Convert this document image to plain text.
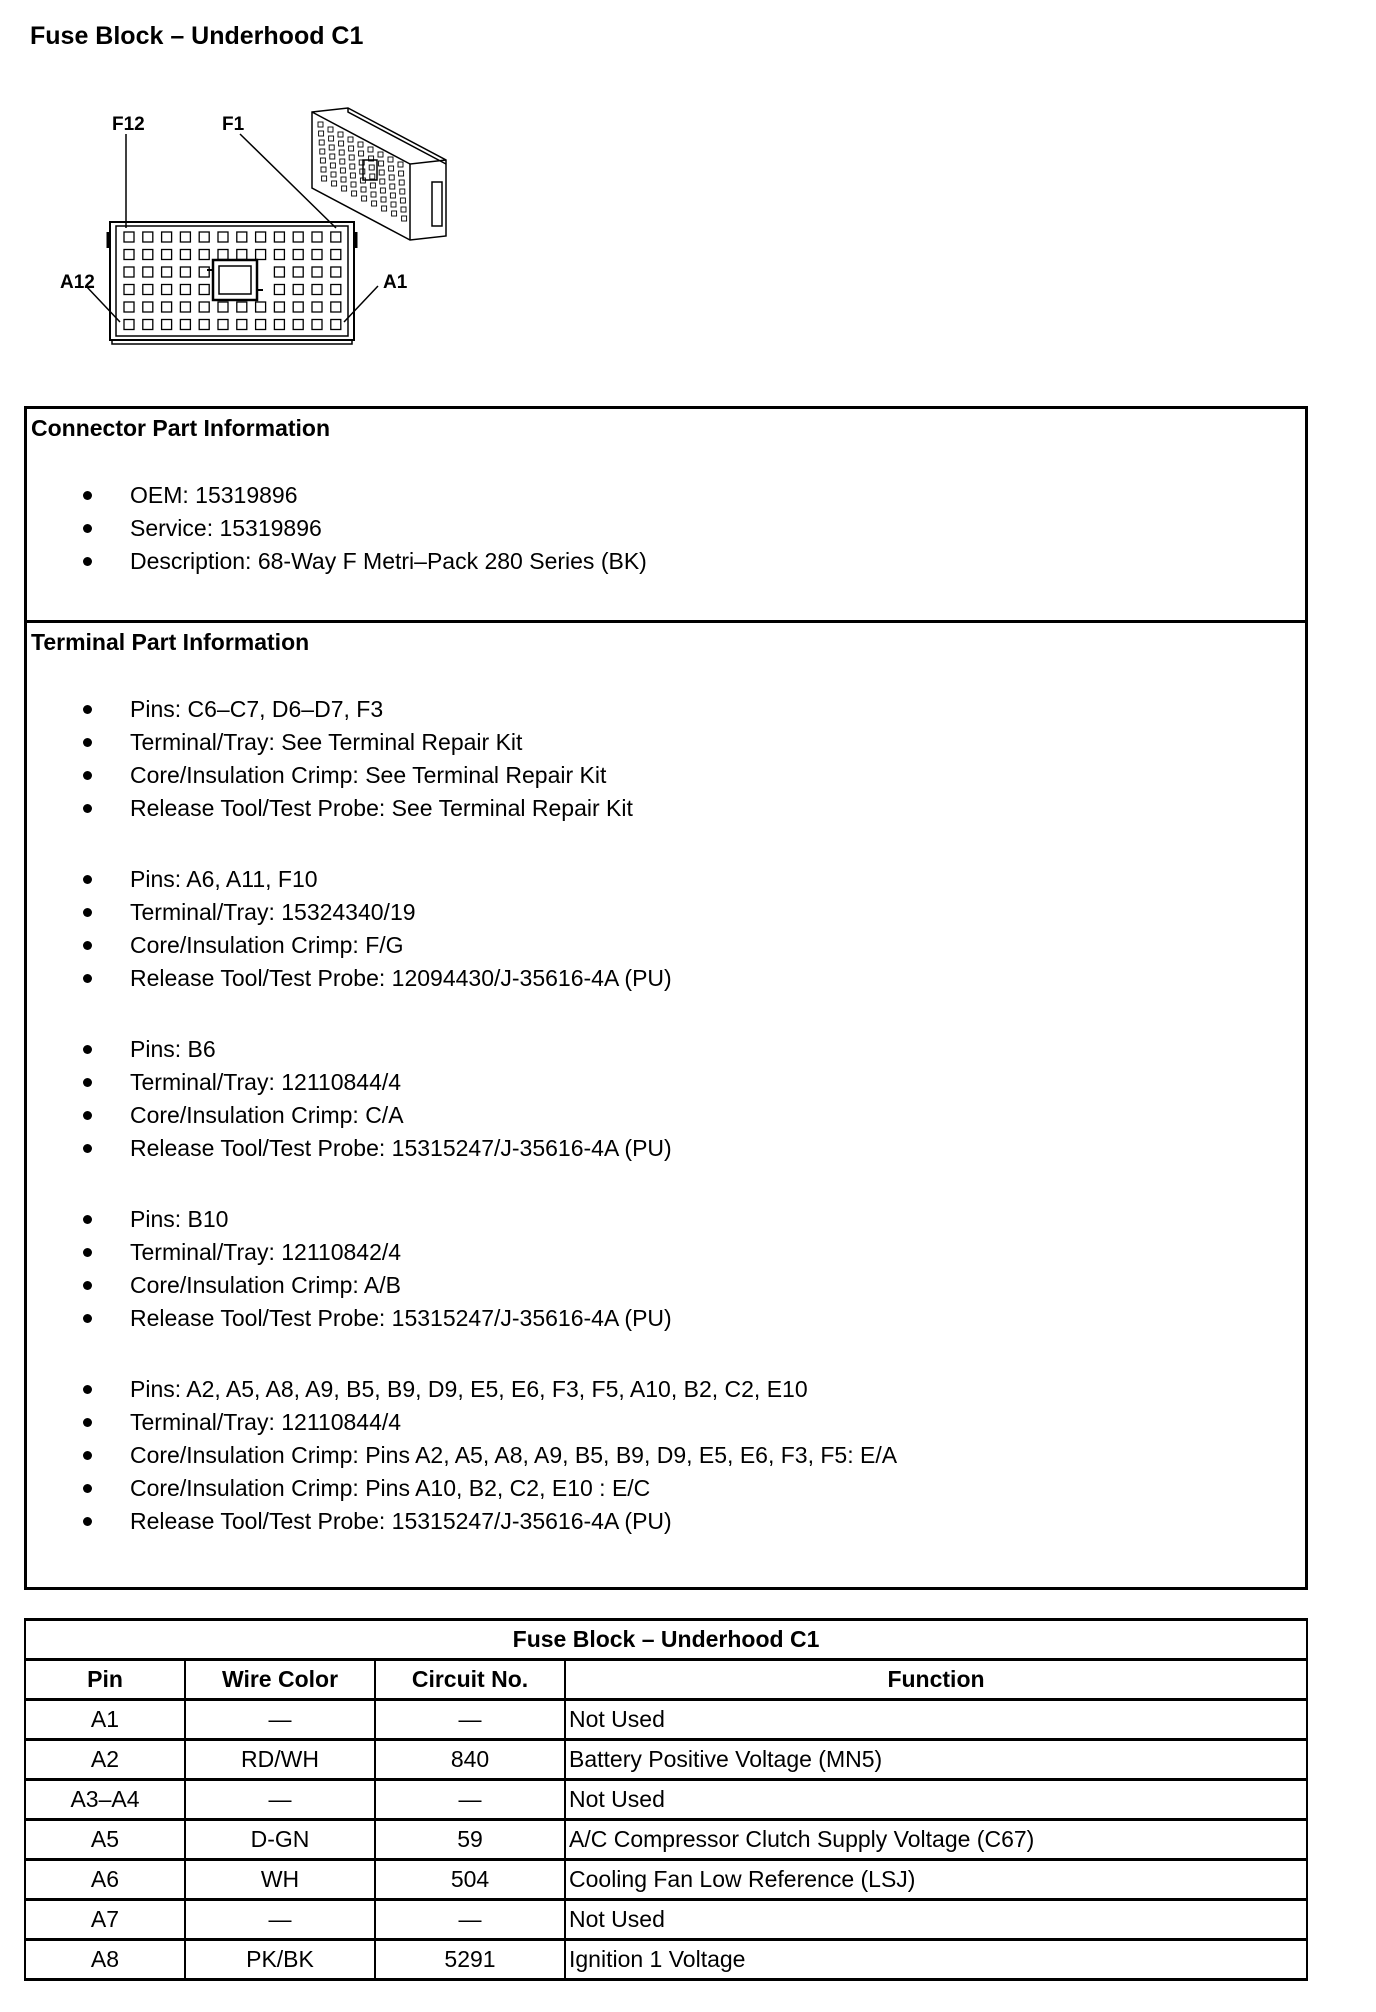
Fuse Block – Underhood C1
F12	F1
A12	A1
Connector Part Information
OEM: 15319896
Service: 15319896
Description: 68-Way F Metri–Pack 280 Series (BK)
Terminal Part Information
Pins: C6–C7, D6–D7, F3
Terminal/Tray: See Terminal Repair Kit
Core/Insulation Crimp: See Terminal Repair Kit
Release Tool/Test Probe: See Terminal Repair Kit
Pins: A6, A11, F10
Terminal/Tray: 15324340/19
Core/Insulation Crimp: F/G
Release Tool/Test Probe: 12094430/J-35616-4A (PU)
Pins: B6
Terminal/Tray: 12110844/4
Core/Insulation Crimp: C/A
Release Tool/Test Probe: 15315247/J-35616-4A (PU)
Pins: B10
Terminal/Tray: 12110842/4
Core/Insulation Crimp: A/B
Release Tool/Test Probe: 15315247/J-35616-4A (PU)
Pins: A2, A5, A8, A9, B5, B9, D9, E5, E6, F3, F5, A10, B2, C2, E10
Terminal/Tray: 12110844/4
Core/Insulation Crimp: Pins A2, A5, A8, A9, B5, B9, D9, E5, E6, F3, F5: E/A
Core/Insulation Crimp: Pins A10, B2, C2, E10 : E/C
Release Tool/Test Probe: 15315247/J-35616-4A (PU)
Fuse Block – Underhood C1			
Pin	Wire Color	Circuit No.	Function
A1	—	—	Not Used
A2	RD/WH	840	Battery Positive Voltage (MN5)
A3–A4	—	—	Not Used
A5	D-GN	59	A/C Compressor Clutch Supply Voltage (C67)
A6	WH	504	Cooling Fan Low Reference (LSJ)
A7	—	—	Not Used
A8	PK/BK	5291	Ignition 1 Voltage
